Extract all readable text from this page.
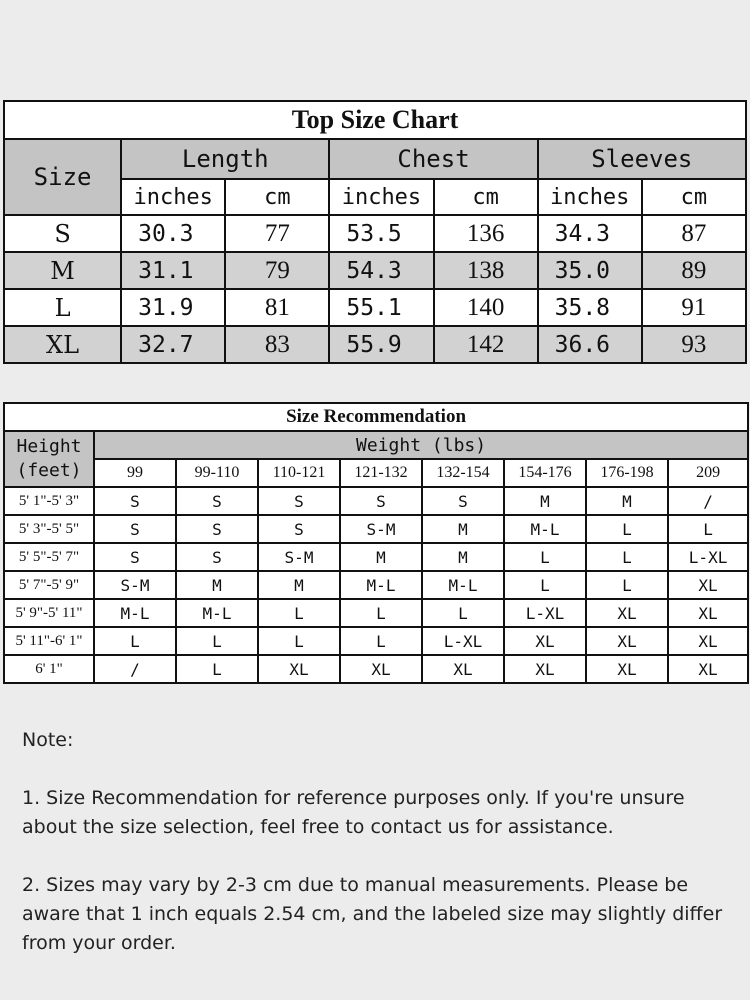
Top Size Chart						
Size	Length		Chest		Sleeves	
	inches	cm	inches	cm	inches	cm
S	30.3	77	53.5	136	34.3	87
M	31.1	79	54.3	138	35.0	89
L	31.9	81	55.1	140	35.8	91
XL	32.7	83	55.9	142	36.6	93
Size Recommendation								
Height (feet)	Weight (lbs)							
	99	99-110	110-121	121-132	132-154	154-176	176-198	209
5' 1"-5' 3"	S	S	S	S	S	M	M	/
5' 3"-5' 5"	S	S	S	S-M	M	M-L	L	L
5' 5"-5' 7"	S	S	S-M	M	M	L	L	L-XL
5' 7"-5' 9"	S-M	M	M	M-L	M-L	L	L	XL
5' 9"-5' 11"	M-L	M-L	L	L	L	L-XL	XL	XL
5' 11"-6' 1"	L	L	L	L	L-XL	XL	XL	XL
6' 1"	/	L	XL	XL	XL	XL	XL	XL

Note:

1. Size Recommendation for reference purposes only. If you're unsure about the size selection, feel free to contact us for assistance.

2. Sizes may vary by 2-3 cm due to manual measurements. Please be aware that 1 inch equals 2.54 cm, and the labeled size may slightly differ from your order.
